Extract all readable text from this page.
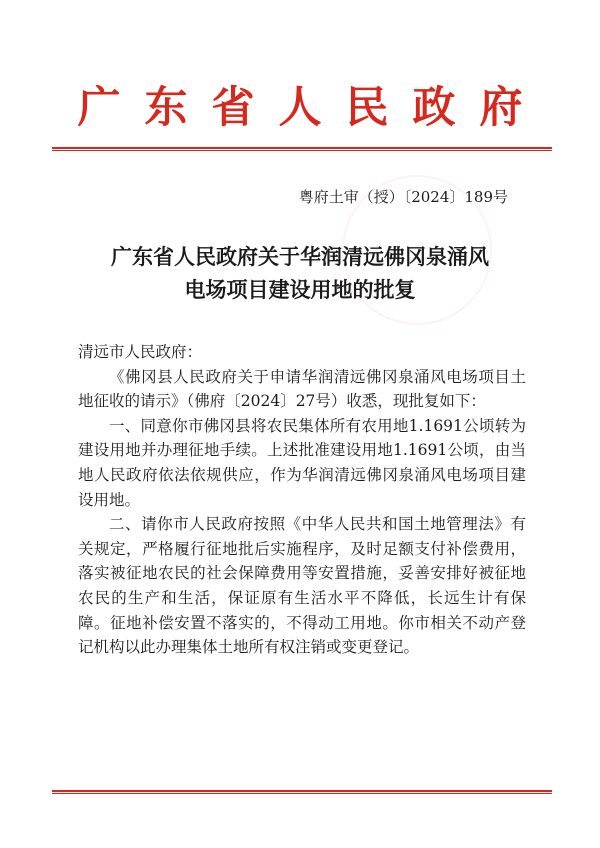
广东省人民政府
粤府土审（授）〔2024〕189号
广东省人民政府关于华润清远佛冈泉涌风
电场项目建设用地的批复

清远市人民政府：

《佛冈县人民政府关于申请华润清远佛冈泉涌风电场项目土地征收的请示》（佛府〔2024〕27号）收悉，现批复如下：

一、同意你市佛冈县将农民集体所有农用地1.1691公顷转为建设用地并办理征地手续。上述批准建设用地1.1691公顷，由当地人民政府依法依规供应，作为华润清远佛冈泉涌风电场项目建设用地。

二、请你市人民政府按照《中华人民共和国土地管理法》有关规定，严格履行征地批后实施程序，及时足额支付补偿费用，落实被征地农民的社会保障费用等安置措施，妥善安排好被征地农民的生产和生活，保证原有生活水平不降低，长远生计有保障。征地补偿安置不落实的，不得动工用地。你市相关不动产登记机构以此办理集体土地所有权注销或变更登记。
